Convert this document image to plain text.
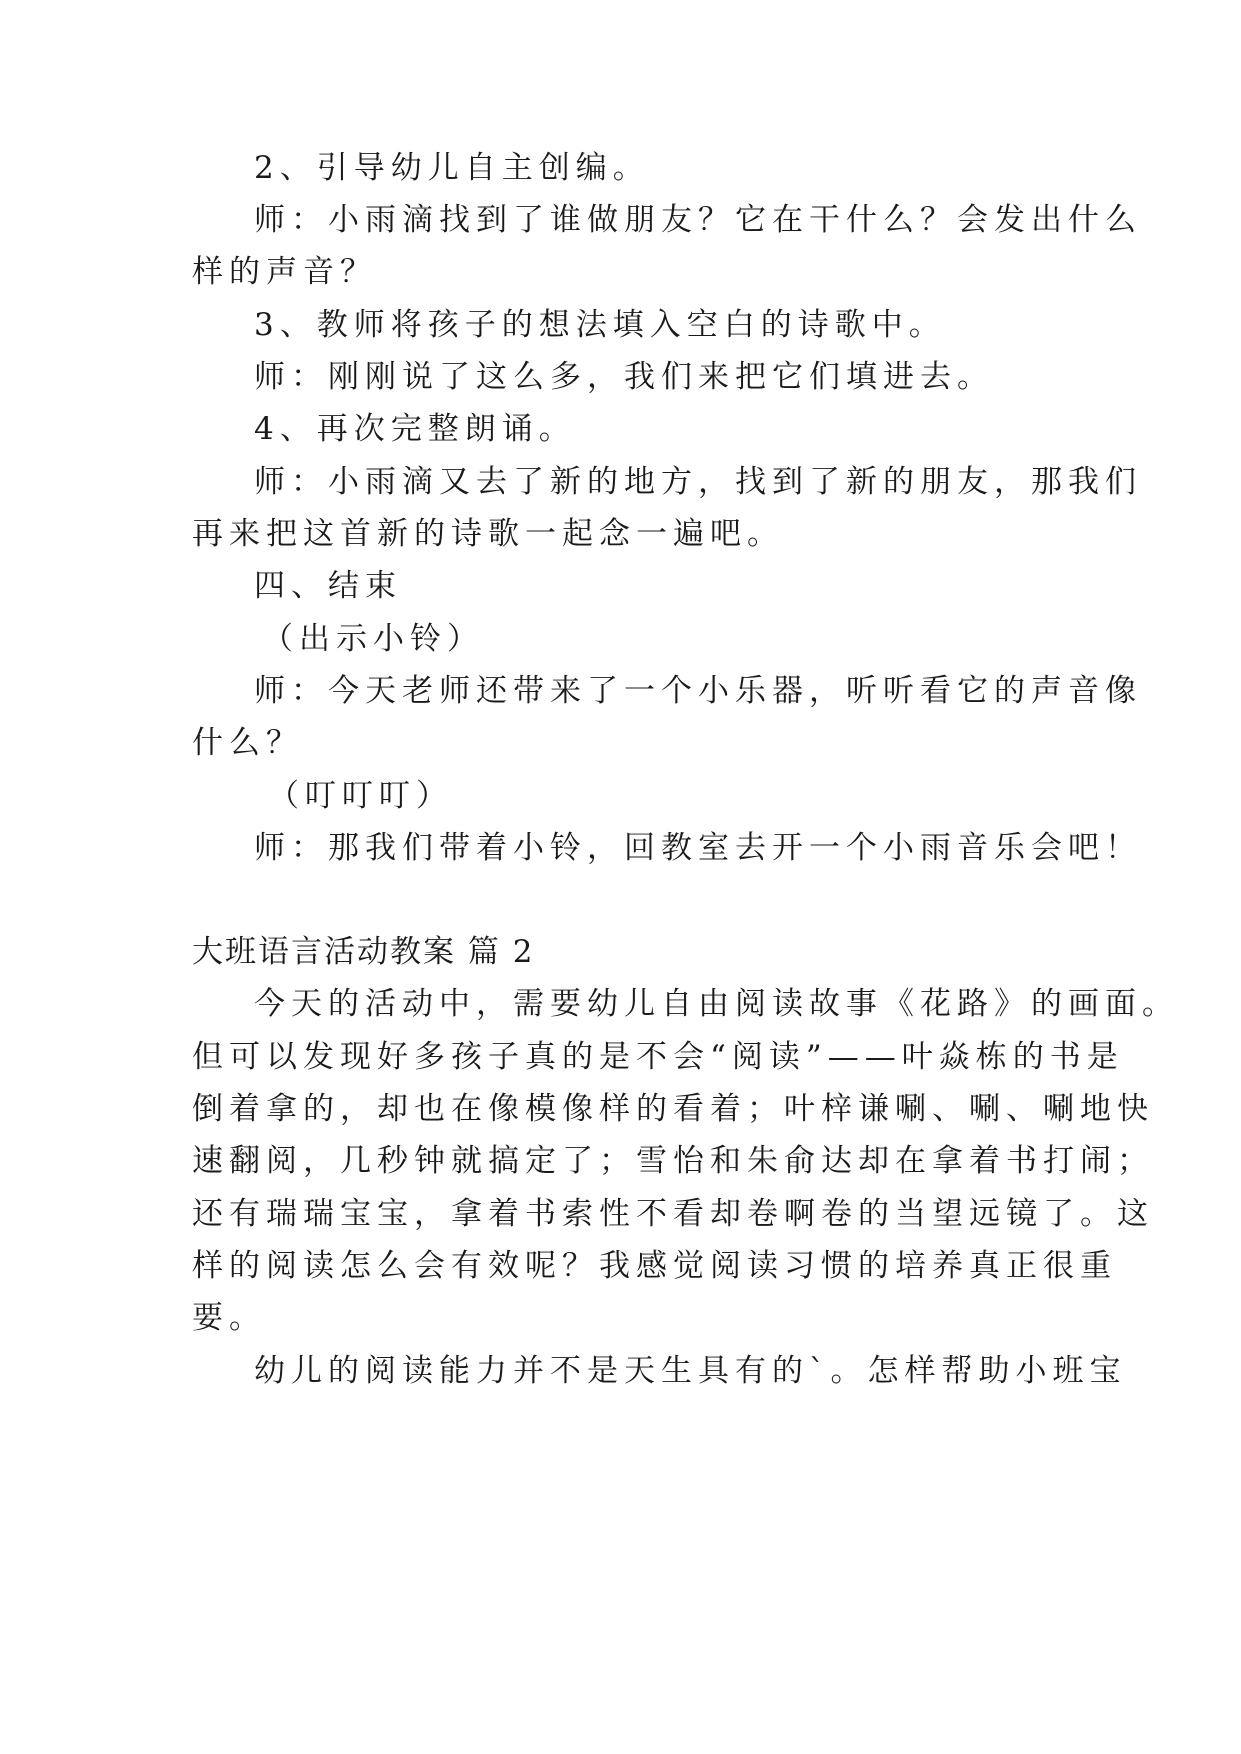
2、引导幼儿自主创编。
师：小雨滴找到了谁做朋友？它在干什么？会发出什么
样的声音？
3、教师将孩子的想法填入空白的诗歌中。
师：刚刚说了这么多，我们来把它们填进去。
4、再次完整朗诵。
师：小雨滴又去了新的地方，找到了新的朋友，那我们
再来把这首新的诗歌一起念一遍吧。
四、结束
（出示小铃）
师：今天老师还带来了一个小乐器，听听看它的声音像
什么？
（叮叮叮）
师：那我们带着小铃，回教室去开一个小雨音乐会吧！
大班语言活动教案 篇 2
今天的活动中，需要幼儿自由阅读故事《花路》的画面。
但可以发现好多孩子真的是不会“阅读”——叶焱栋的书是
倒着拿的，却也在像模像样的看着；叶梓谦唰、唰、唰地快
速翻阅，几秒钟就搞定了；雪怡和朱俞达却在拿着书打闹；
还有瑞瑞宝宝，拿着书索性不看却卷啊卷的当望远镜了。这
样的阅读怎么会有效呢？我感觉阅读习惯的培养真正很重
要。
幼儿的阅读能力并不是天生具有的`。怎样帮助小班宝
